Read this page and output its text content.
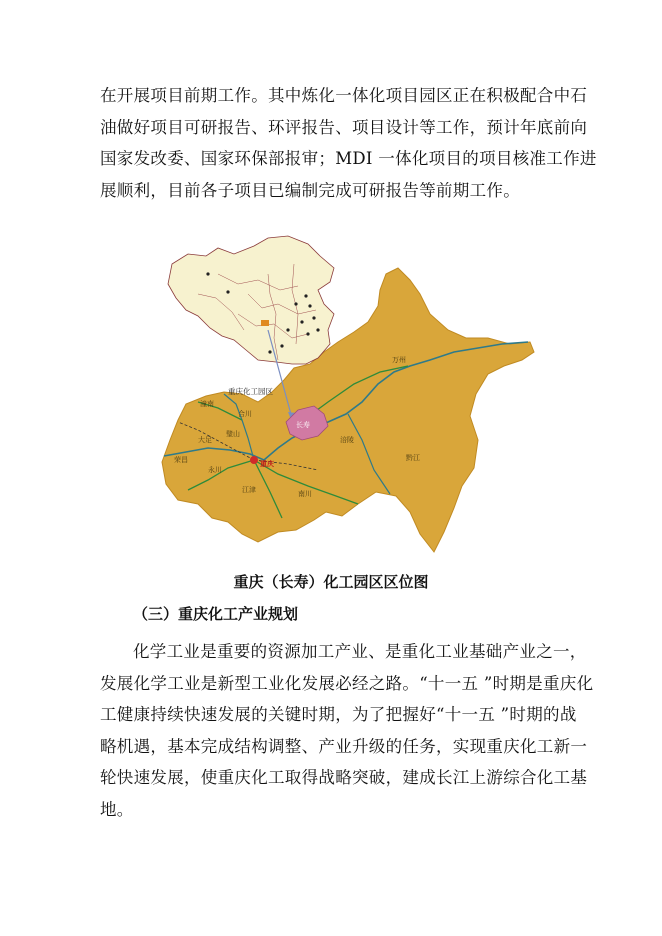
在开展项目前期工作。其中炼化一体化项目园区正在积极配合中石
油做好项目可研报告、环评报告、项目设计等工作，预计年底前向
国家发改委、国家环保部报审；MDI 一体化项目的项目核准工作进
展顺利，目前各子项目已编制完成可研报告等前期工作。
重庆化工园区
长寿
重庆
万州
涪陵
黔江
合川
潼南
大足
荣昌
永川
江津	南川
璧山
重庆（长寿）化工园区区位图
（三）重庆化工产业规划
化学工业是重要的资源加工产业、是重化工业基础产业之一，
发展化学工业是新型工业化发展必经之路。“十一五 ”时期是重庆化
工健康持续快速发展的关键时期，为了把握好“十一五 ”时期的战
略机遇，基本完成结构调整、产业升级的任务，实现重庆化工新一
轮快速发展，使重庆化工取得战略突破，建成长江上游综合化工基
地。
